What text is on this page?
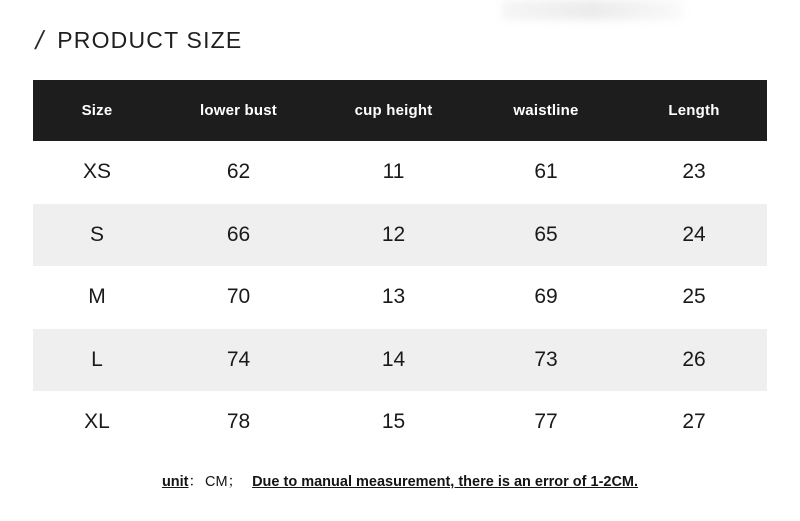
/ PRODUCT SIZE
Size	lower bust	cup height	waistline	Length
XS	62	11	61	23
S	66	12	65	24
M	70	13	69	25
L	74	14	73	26
XL	78	15	77	27
unit： CM； Due to manual measurement, there is an error of 1-2CM.
